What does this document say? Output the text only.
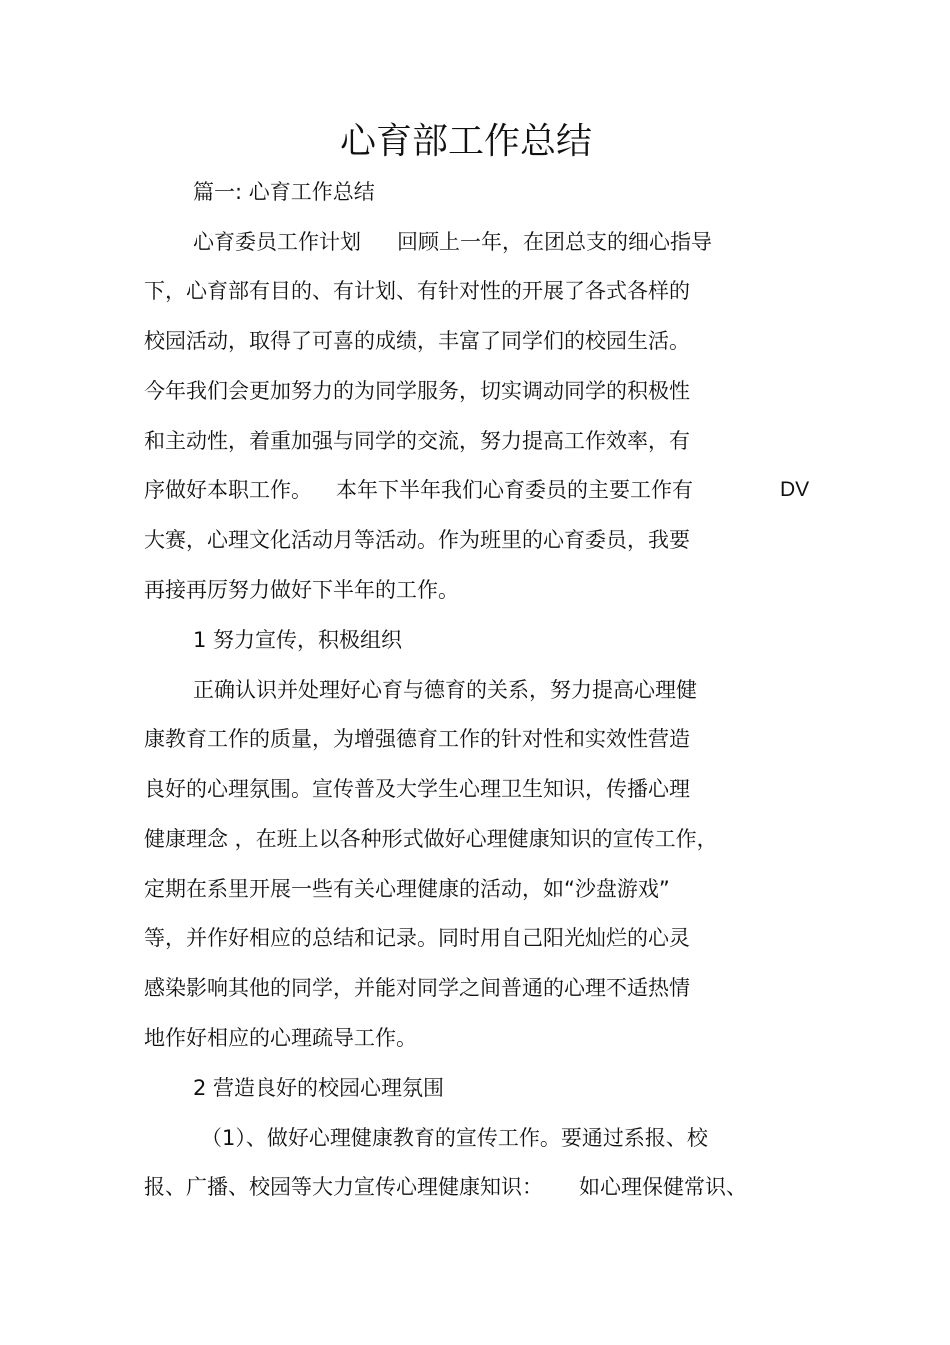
心育部工作总结
篇一: 心育工作总结
心育委员工作计划 回顾上一年，在团总支的细心指导
下，心育部有目的、有计划、有针对性的开展了各式各样的
校园活动，取得了可喜的成绩，丰富了同学们的校园生活。
今年我们会更加努力的为同学服务，切实调动同学的积极性
和主动性，着重加强与同学的交流，努力提高工作效率，有
序做好本职工作。 本年下半年我们心育委员的主要工作有	DV
大赛，心理文化活动月等活动。作为班里的心育委员，我要
再接再厉努力做好下半年的工作。
1 努力宣传，积极组织
正确认识并处理好心育与德育的关系，努力提高心理健
康教育工作的质量，为增强德育工作的针对性和实效性营造
良好的心理氛围。宣传普及大学生心理卫生知识，传播心理
健康理念 ，在班上以各种形式做好心理健康知识的宣传工作，
定期在系里开展一些有关心理健康的活动，如“沙盘游戏”
等，并作好相应的总结和记录。同时用自己阳光灿烂的心灵
感染影响其他的同学，并能对同学之间普通的心理不适热情
地作好相应的心理疏导工作。
2 营造良好的校园心理氛围
（1）、做好心理健康教育的宣传工作。要通过系报、校
报、广播、校园等大力宣传心理健康知识： 如心理保健常识、
